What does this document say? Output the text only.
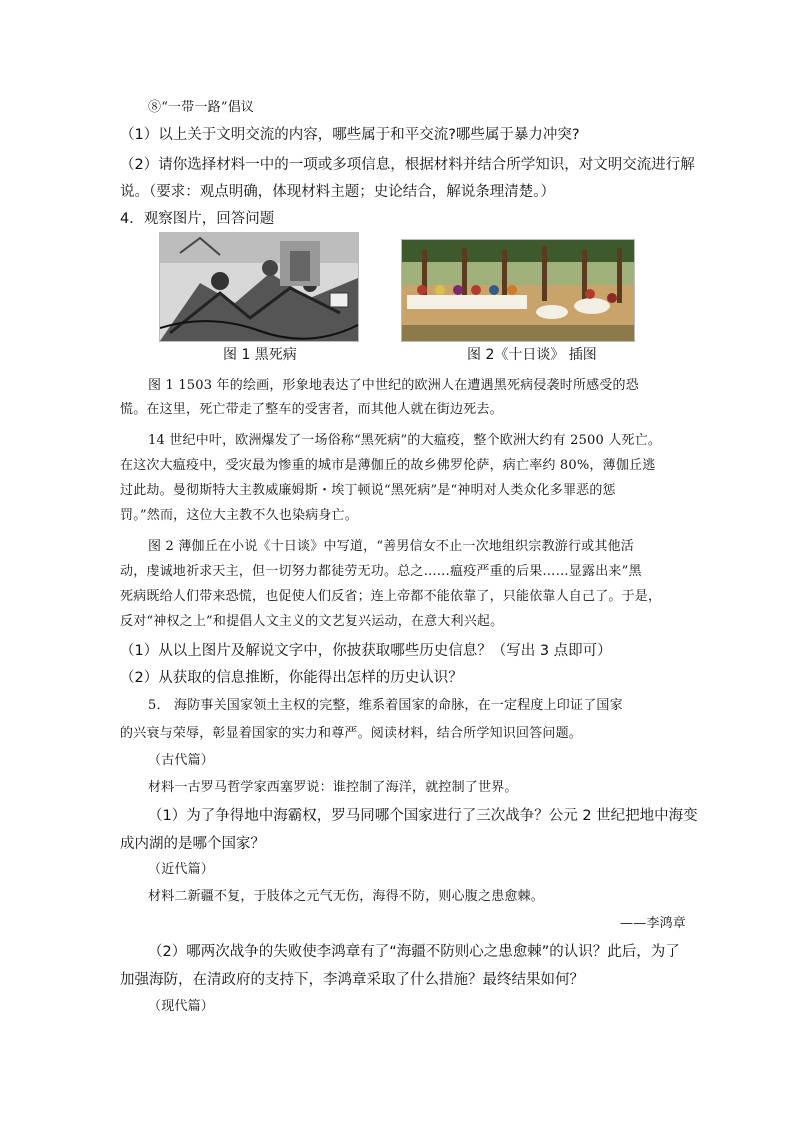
⑧“一带一路”倡议
（1）以上关于文明交流的内容，哪些属于和平交流?哪些属于暴力冲突?
（2）请你选择材料一中的一项或多项信息，根据材料并结合所学知识，对文明交流进行解
说。（要求：观点明确，体现材料主题；史论结合，解说条理清楚。）
4．观察图片，回答问题
图 1 黑死病	图 2《十日谈》 插图
图 1 1503 年的绘画，形象地表达了中世纪的欧洲人在遭遇黑死病侵袭时所感受的恐
慌。在这里，死亡带走了整车的受害者，而其他人就在街边死去。
14 世纪中叶，欧洲爆发了一场俗称“黑死病”的大瘟疫，整个欧洲大约有 2500 人死亡。
在这次大瘟疫中，受灾最为惨重的城市是薄伽丘的故乡佛罗伦萨，病亡率约 80%，薄伽丘逃
过此劫。曼彻斯特大主教威廉姆斯・埃丁顿说“黑死病”是“神明对人类众化多罪恶的惩
罚。”然而，这位大主教不久也染病身亡。
图 2 薄伽丘在小说《十日谈》中写道，“善男信女不止一次地组织宗教游行或其他活
动，虔诚地祈求天主，但一切努力都徒劳无功。总之……瘟疫严重的后果……显露出来”黑
死病既给人们带来恐慌，也促使人们反省；连上帝都不能依靠了，只能依靠人自己了。于是，
反对“神权之上”和提倡人文主义的文艺复兴运动，在意大利兴起。
（1）从以上图片及解说文字中，你披获取哪些历史信息？（写出 3 点即可）
（2）从获取的信息推断，你能得出怎样的历史认识？
5． 海防事关国家领土主权的完整，维系着国家的命脉，在一定程度上印证了国家
的兴衰与荣辱，彰显着国家的实力和尊严。阅读材料，结合所学知识回答问题。
（古代篇）
材料一古罗马哲学家西塞罗说：谁控制了海洋，就控制了世界。
（1）为了争得地中海霸权，罗马同哪个国家进行了三次战争？公元 2 世纪把地中海变
成内湖的是哪个国家？
（近代篇）
材料二新疆不复，于肢体之元气无伤，海得不防，则心腹之患愈棘。
——李鸿章
（2）哪两次战争的失败使李鸿章有了“海疆不防则心之患愈棘”的认识？此后，为了
加强海防，在清政府的支持下，李鸿章采取了什么措施？最终结果如何？
（现代篇）
